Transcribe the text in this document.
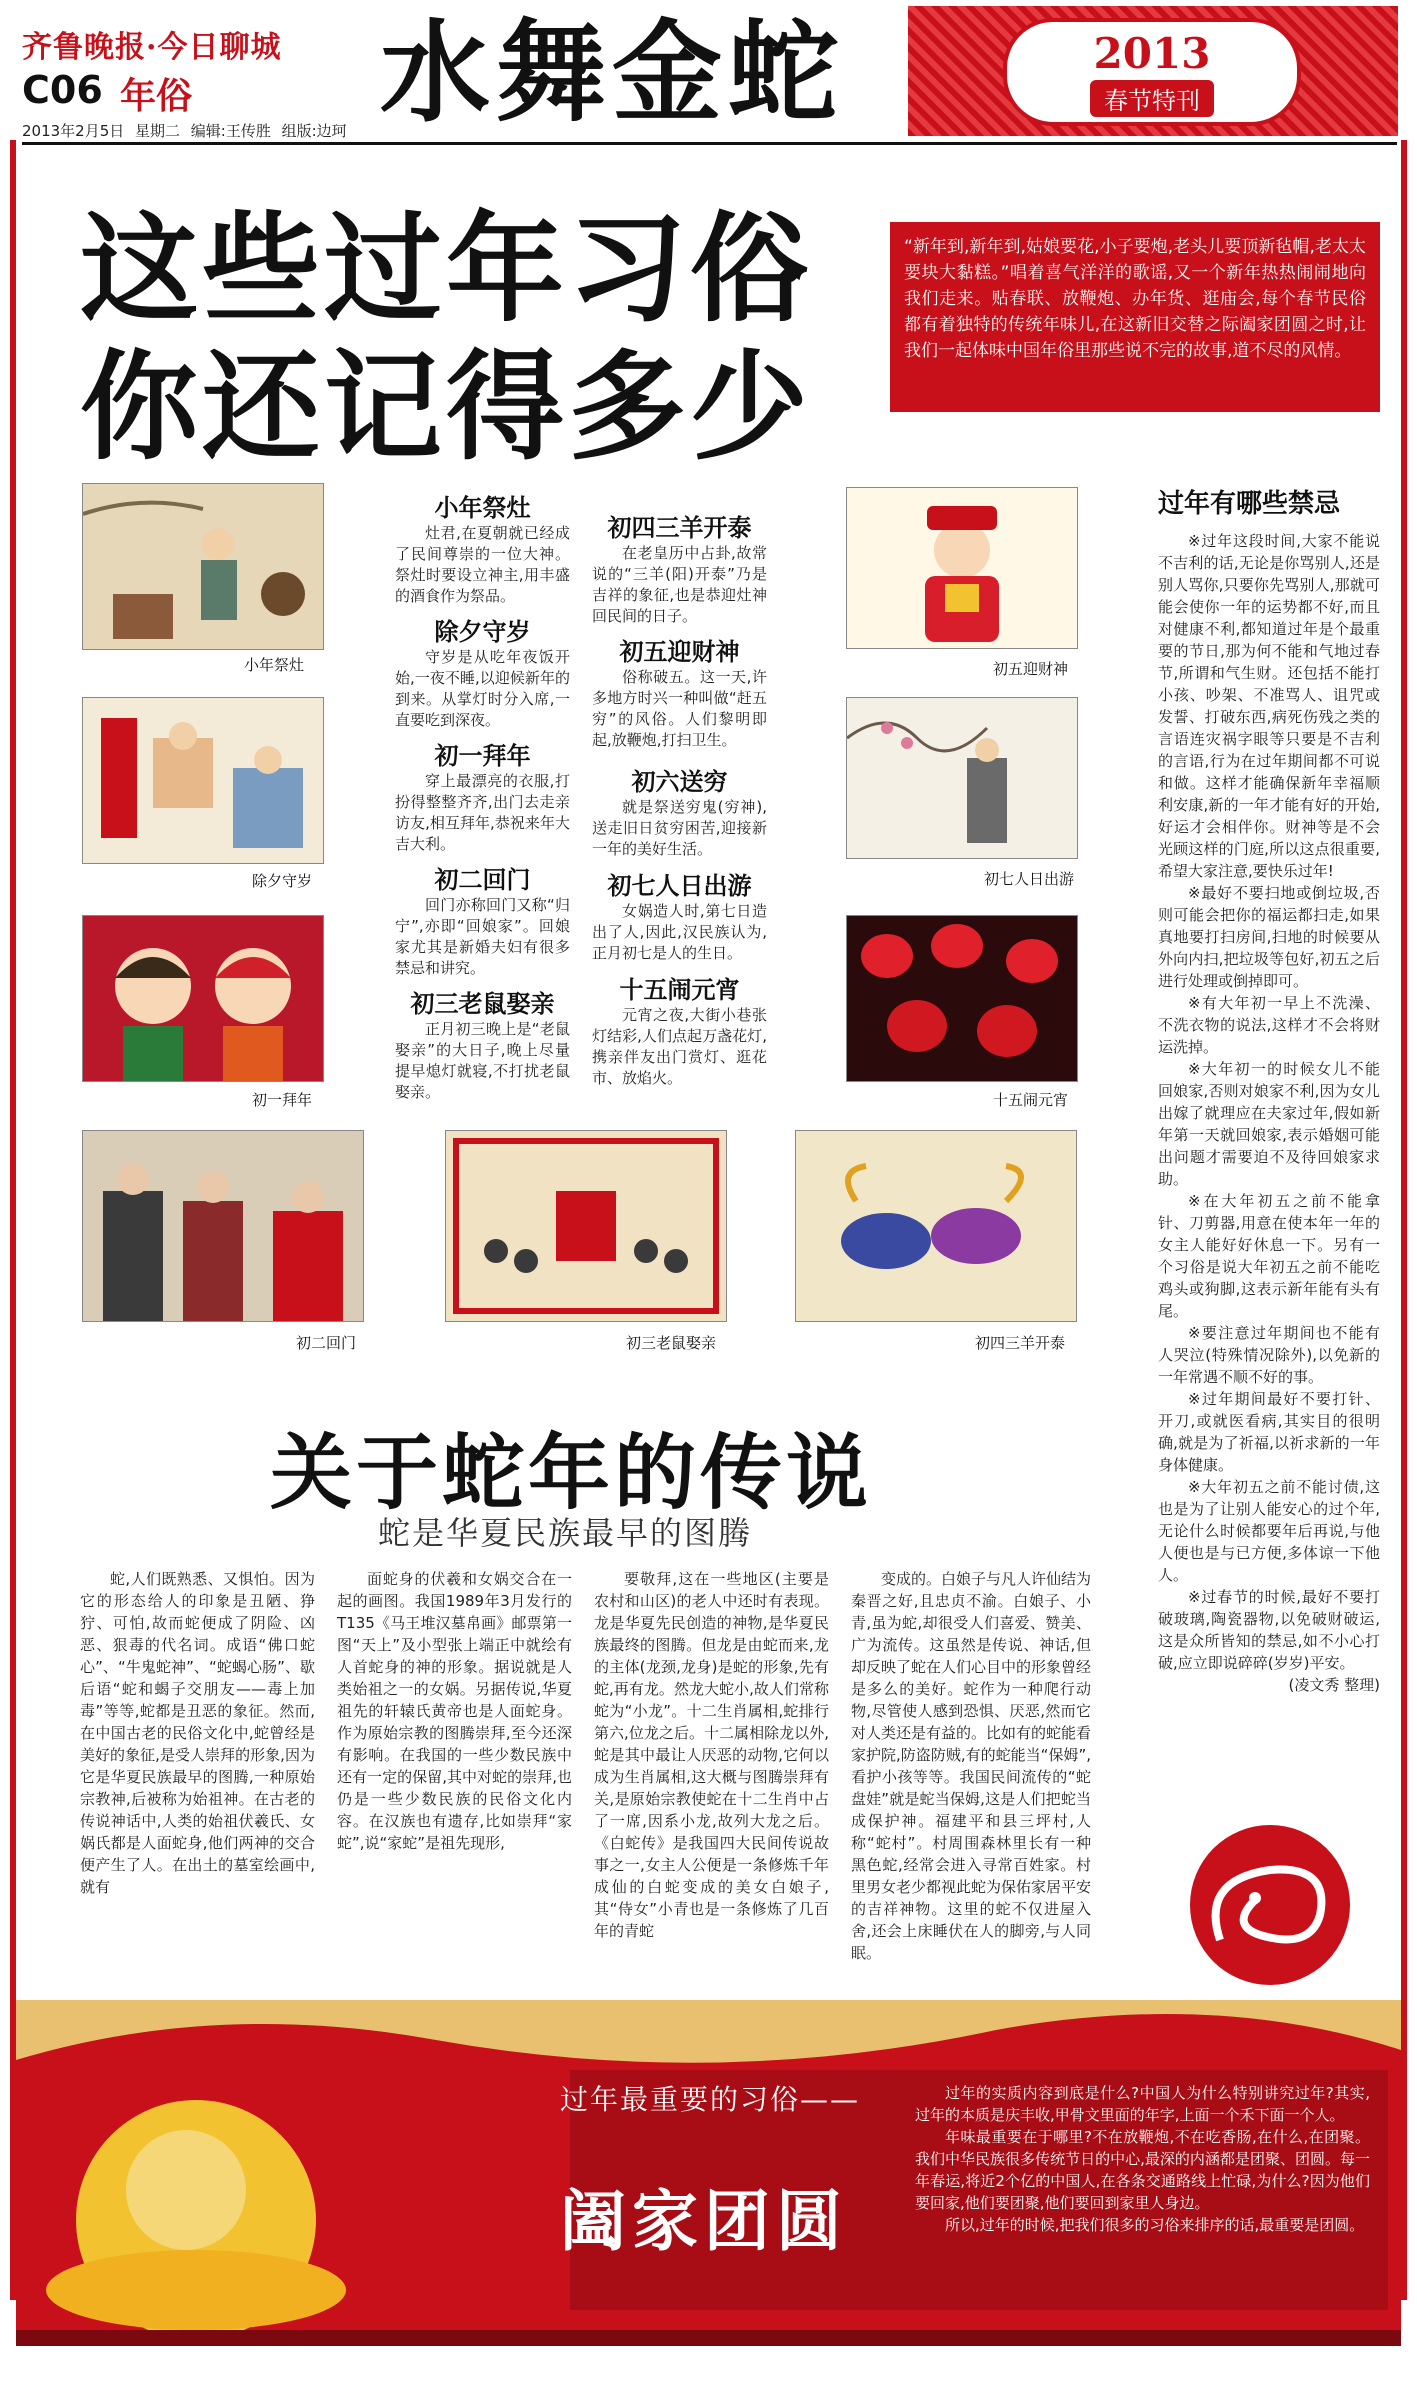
齐鲁晚报·今日聊城
C06 年俗
2013年2月5日 星期二 编辑:王传胜 组版:边珂 水舞金蛇	2013
春节特刊
这些过年习俗
你还记得多少
“新年到,新年到,姑娘要花,小子要炮,老头儿要顶新毡帽,老太太要块大黏糕。”唱着喜气洋洋的歌谣,又一个新年热热闹闹地向我们走来。贴春联、放鞭炮、办年货、逛庙会,每个春节民俗都有着独特的传统年味儿,在这新旧交替之际阖家团圆之时,让我们一起体味中国年俗里那些说不完的故事,道不尽的风情。
小年祭灶
除夕守岁
初一拜年
小年祭灶
灶君,在夏朝就已经成了民间尊崇的一位大神。祭灶时要设立神主,用丰盛的酒食作为祭品。
除夕守岁
守岁是从吃年夜饭开始,一夜不睡,以迎候新年的到来。从掌灯时分入席,一直要吃到深夜。
初一拜年
穿上最漂亮的衣服,打扮得整整齐齐,出门去走亲访友,相互拜年,恭祝来年大吉大利。
初二回门
回门亦称回门又称“归宁”,亦即“回娘家”。回娘家尤其是新婚夫妇有很多禁忌和讲究。
初三老鼠娶亲
正月初三晚上是“老鼠娶亲”的大日子,晚上尽量提早熄灯就寝,不打扰老鼠娶亲。
初四三羊开泰
在老皇历中占卦,故常说的“三羊(阳)开泰”乃是吉祥的象征,也是恭迎灶神回民间的日子。
初五迎财神
俗称破五。这一天,许多地方时兴一种叫做“赶五穷”的风俗。人们黎明即起,放鞭炮,打扫卫生。
初六送穷
就是祭送穷鬼(穷神),送走旧日贫穷困苦,迎接新一年的美好生活。
初七人日出游
女娲造人时,第七日造出了人,因此,汉民族认为,正月初七是人的生日。
十五闹元宵
元宵之夜,大街小巷张灯结彩,人们点起万盏花灯,携亲伴友出门赏灯、逛花市、放焰火。
初五迎财神
初七人日出游
十五闹元宵
初二回门	初三老鼠娶亲	初四三羊开泰
过年有哪些禁忌

※过年这段时间,大家不能说不吉利的话,无论是你骂别人,还是别人骂你,只要你先骂别人,那就可能会使你一年的运势都不好,而且对健康不利,都知道过年是个最重要的节日,那为何不能和气地过春节,所谓和气生财。还包括不能打小孩、吵架、不准骂人、诅咒或发誓、打破东西,病死伤残之类的言语连灾祸字眼等只要是不吉利的言语,行为在过年期间都不可说和做。这样才能确保新年幸福顺利安康,新的一年才能有好的开始,好运才会相伴你。财神等是不会光顾这样的门庭,所以这点很重要,希望大家注意,要快乐过年!

※最好不要扫地或倒垃圾,否则可能会把你的福运都扫走,如果真地要打扫房间,扫地的时候要从外向内扫,把垃圾等包好,初五之后进行处理或倒掉即可。

※有大年初一早上不洗澡、不洗衣物的说法,这样才不会将财运洗掉。

※大年初一的时候女儿不能回娘家,否则对娘家不利,因为女儿出嫁了就理应在夫家过年,假如新年第一天就回娘家,表示婚姻可能出问题才需要迫不及待回娘家求助。

※在大年初五之前不能拿针、刀剪器,用意在使本年一年的女主人能好好休息一下。另有一个习俗是说大年初五之前不能吃鸡头或狗脚,这表示新年能有头有尾。

※要注意过年期间也不能有人哭泣(特殊情况除外),以免新的一年常遇不顺不好的事。

※过年期间最好不要打针、开刀,或就医看病,其实目的很明确,就是为了祈福,以祈求新的一年身体健康。

※大年初五之前不能讨债,这也是为了让别人能安心的过个年,无论什么时候都要年后再说,与他人便也是与已方便,多体谅一下他人。

※过春节的时候,最好不要打破玻璃,陶瓷器物,以免破财破运,这是众所皆知的禁忌,如不小心打破,应立即说碎碎(岁岁)平安。

(凌文秀 整理)

关于蛇年的传说
蛇是华夏民族最早的图腾

蛇,人们既熟悉、又惧怕。因为它的形态给人的印象是丑陋、狰狞、可怕,故而蛇便成了阴险、凶恶、狠毒的代名词。成语“佛口蛇心”、“牛鬼蛇神”、“蛇蝎心肠”、歇后语“蛇和蝎子交朋友——毒上加毒”等等,蛇都是丑恶的象征。然而,在中国古老的民俗文化中,蛇曾经是美好的象征,是受人崇拜的形象,因为它是华夏民族最早的图腾,一种原始宗教神,后被称为始祖神。在古老的传说神话中,人类的始祖伏羲氏、女娲氏都是人面蛇身,他们两神的交合便产生了人。在出土的墓室绘画中,就有

面蛇身的伏羲和女娲交合在一起的画图。我国1989年3月发行的T135《马王堆汉墓帛画》邮票第一图“天上”及小型张上端正中就绘有人首蛇身的神的形象。据说就是人类始祖之一的女娲。另据传说,华夏祖先的轩辕氏黄帝也是人面蛇身。作为原始宗教的图腾崇拜,至今还深有影响。在我国的一些少数民族中还有一定的保留,其中对蛇的崇拜,也仍是一些少数民族的民俗文化内容。在汉族也有遗存,比如崇拜“家蛇”,说“家蛇”是祖先现形,

要敬拜,这在一些地区(主要是农村和山区)的老人中还时有表现。龙是华夏先民创造的神物,是华夏民族最终的图腾。但龙是由蛇而来,龙的主体(龙颈,龙身)是蛇的形象,先有蛇,再有龙。然龙大蛇小,故人们常称蛇为“小龙”。十二生肖属相,蛇排行第六,位龙之后。十二属相除龙以外,蛇是其中最让人厌恶的动物,它何以成为生肖属相,这大概与图腾崇拜有关,是原始宗教使蛇在十二生肖中占了一席,因系小龙,故列大龙之后。《白蛇传》是我国四大民间传说故事之一,女主人公便是一条修炼千年成仙的白蛇变成的美女白娘子,其“侍女”小青也是一条修炼了几百年的青蛇

变成的。白娘子与凡人许仙结为秦晋之好,且忠贞不渝。白娘子、小青,虽为蛇,却很受人们喜爱、赞美、广为流传。这虽然是传说、神话,但却反映了蛇在人们心目中的形象曾经是多么的美好。蛇作为一种爬行动物,尽管使人感到恐惧、厌恶,然而它对人类还是有益的。比如有的蛇能看家护院,防盗防贼,有的蛇能当“保姆”,看护小孩等等。我国民间流传的“蛇盘娃”就是蛇当保姆,这是人们把蛇当成保护神。福建平和县三坪村,人称“蛇村”。村周围森林里长有一种黑色蛇,经常会进入寻常百姓家。村里男女老少都视此蛇为保佑家居平安的吉祥神物。这里的蛇不仅进屋入舍,还会上床睡伏在人的脚旁,与人同眠。

过年最重要的习俗——
阖家团圆

过年的实质内容到底是什么?中国人为什么特别讲究过年?其实,过年的本质是庆丰收,甲骨文里面的年字,上面一个禾下面一个人。

年味最重要在于哪里?不在放鞭炮,不在吃香肠,在什么,在团聚。我们中华民族很多传统节日的中心,最深的内涵都是团聚、团圆。每一年春运,将近2个亿的中国人,在各条交通路线上忙碌,为什么?因为他们要回家,他们要团聚,他们要回到家里人身边。

所以,过年的时候,把我们很多的习俗来排序的话,最重要是团圆。
